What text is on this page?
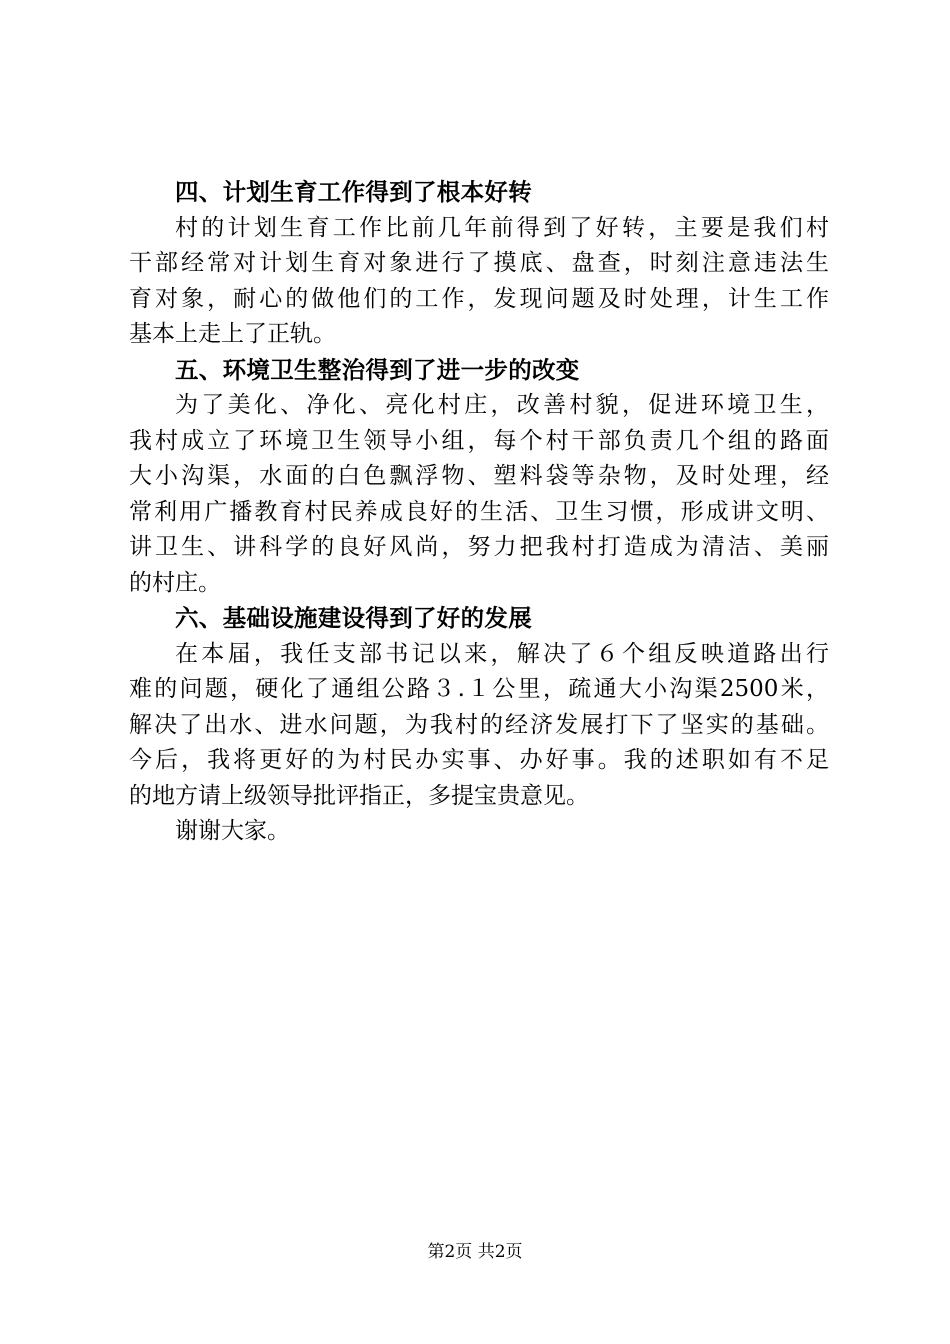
四、计划生育工作得到了根本好转
村的计划生育工作比前几年前得到了好转，主要是我们村
干部经常对计划生育对象进行了摸底、盘查，时刻注意违法生
育对象，耐心的做他们的工作，发现问题及时处理，计生工作
基本上走上了正轨。
五、环境卫生整治得到了进一步的改变
为了美化、净化、亮化村庄，改善村貌，促进环境卫生，
我村成立了环境卫生领导小组，每个村干部负责几个组的路面
大小沟渠，水面的白色飘浮物、塑料袋等杂物，及时处理，经
常利用广播教育村民养成良好的生活、卫生习惯，形成讲文明、
讲卫生、讲科学的良好风尚，努力把我村打造成为清洁、美丽
的村庄。
六、基础设施建设得到了好的发展
在本届，我任支部书记以来，解决了６个组反映道路出行
难的问题，硬化了通组公路３.１公里，疏通大小沟渠2500米，
解决了出水、进水问题，为我村的经济发展打下了坚实的基础。
今后，我将更好的为村民办实事、办好事。我的述职如有不足
的地方请上级领导批评指正，多提宝贵意见。
谢谢大家。
第2页 共2页
